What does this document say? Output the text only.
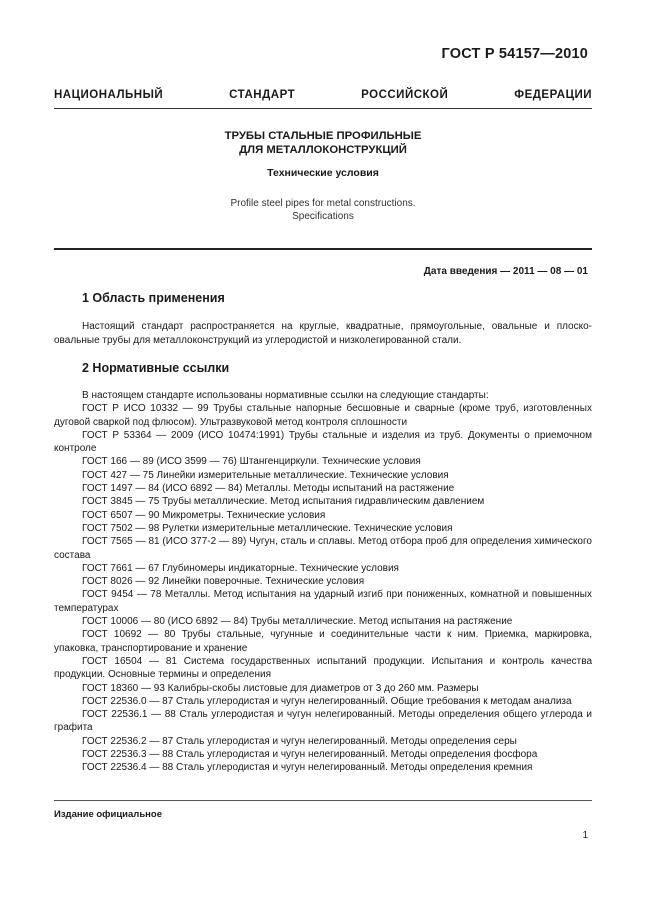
ГОСТ Р 54157—2010
НАЦИОНАЛЬНЫЙ СТАНДАРТ РОССИЙСКОЙ ФЕДЕРАЦИИ
ТРУБЫ СТАЛЬНЫЕ ПРОФИЛЬНЫЕ
ДЛЯ МЕТАЛЛОКОНСТРУКЦИЙ
Технические условия
Profile steel pipes for metal constructions.
Specifications
Дата введения — 2011 — 08 — 01
1 Область применения
Настоящий стандарт распространяется на круглые, квадратные, прямоугольные, овальные и плоско-овальные трубы для металлоконструкций из углеродистой и низколегированной стали.
2 Нормативные ссылки
В настоящем стандарте использованы нормативные ссылки на следующие стандарты:
ГОСТ Р ИСО 10332 — 99 Трубы стальные напорные бесшовные и сварные (кроме труб, изготовленных дуговой сваркой под флюсом). Ультразвуковой метод контроля сплошности
ГОСТ Р 53364 — 2009 (ИСО 10474:1991) Трубы стальные и изделия из труб. Документы о приемочном контроле
ГОСТ 166 — 89 (ИСО 3599 — 76) Штангенциркули. Технические условия
ГОСТ 427 — 75 Линейки измерительные металлические. Технические условия
ГОСТ 1497 — 84 (ИСО 6892 — 84) Металлы. Методы испытаний на растяжение
ГОСТ 3845 — 75 Трубы металлические. Метод испытания гидравлическим давлением
ГОСТ 6507 — 90 Микрометры. Технические условия
ГОСТ 7502 — 98 Рулетки измерительные металлические. Технические условия
ГОСТ 7565 — 81 (ИСО 377-2 — 89) Чугун, сталь и сплавы. Метод отбора проб для определения химического состава
ГОСТ 7661 — 67 Глубиномеры индикаторные. Технические условия
ГОСТ 8026 — 92 Линейки поверочные. Технические условия
ГОСТ 9454 — 78 Металлы. Метод испытания на ударный изгиб при пониженных, комнатной и повышенных температурах
ГОСТ 10006 — 80 (ИСО 6892 — 84) Трубы металлические. Метод испытания на растяжение
ГОСТ 10692 — 80 Трубы стальные, чугунные и соединительные части к ним. Приемка, маркировка, упаковка, транспортирование и хранение
ГОСТ 16504 — 81 Система государственных испытаний продукции. Испытания и контроль качества продукции. Основные термины и определения
ГОСТ 18360 — 93 Калибры-скобы листовые для диаметров от 3 до 260 мм. Размеры
ГОСТ 22536.0 — 87 Сталь углеродистая и чугун нелегированный. Общие требования к методам анализа
ГОСТ 22536.1 — 88 Сталь углеродистая и чугун нелегированный. Методы определения общего углерода и графита
ГОСТ 22536.2 — 87 Сталь углеродистая и чугун нелегированный. Методы определения серы
ГОСТ 22536.3 — 88 Сталь углеродистая и чугун нелегированный. Методы определения фосфора
ГОСТ 22536.4 — 88 Сталь углеродистая и чугун нелегированный. Методы определения кремния
Издание официальное
1
